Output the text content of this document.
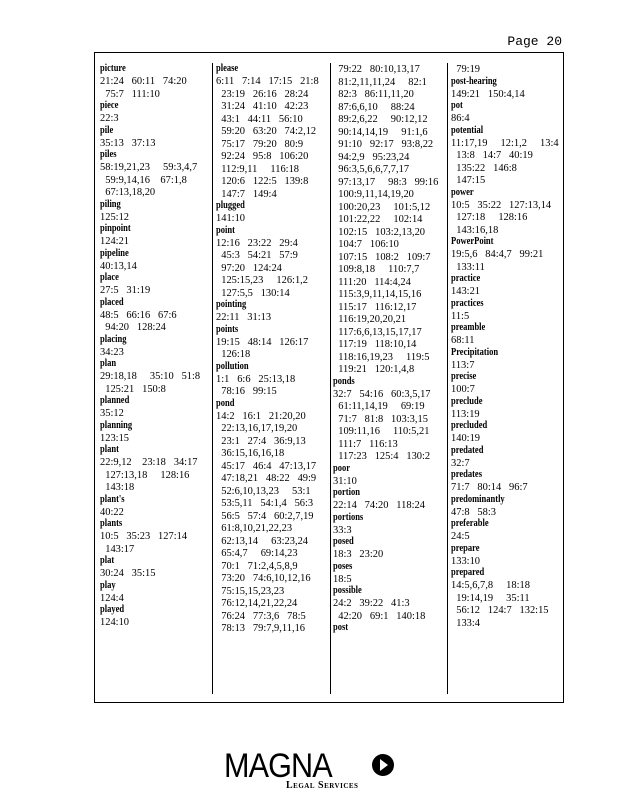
Page 20
picture
21:24   60:11   74:20
75:7   111:10
piece
22:3
pile
35:13   37:13
piles
58:19,21,23     59:3,4,7
59:9,14,16    67:1,8
67:13,18,20
piling
125:12
pinpoint
124:21
pipeline
40:13,14
place
27:5   31:19
placed
48:5   66:16   67:6
94:20   128:24
placing
34:23
plan
29:18,18     35:10   51:8
125:21   150:8
planned
35:12
planning
123:15
plant
22:9,12    23:18   34:17
127:13,18     128:16
143:18
plant's
40:22
plants
10:5   35:23   127:14
143:17
plat
30:24   35:15
play
124:4
played
124:10
please
6:11   7:14   17:15   21:8
23:19   26:16   28:24
31:24   41:10   42:23
43:1   44:11   56:10
59:20   63:20   74:2,12
75:17   79:20   80:9
92:24   95:8   106:20
112:9,11     116:18
120:6   122:5   139:8
147:7   149:4
plugged
141:10
point
12:16   23:22   29:4
45:3   54:21   57:9
97:20   124:24
125:15,23     126:1,2
127:5,5   130:14
pointing
22:11   31:13
points
19:15   48:14   126:17
126:18
pollution
1:1   6:6   25:13,18
78:16   99:15
pond
14:2   16:1   21:20,20
22:13,16,17,19,20
23:1   27:4   36:9,13
36:15,16,16,18
45:17   46:4   47:13,17
47:18,21   48:22   49:9
52:6,10,13,23     53:1
53:5,11   54:1,4   56:3
56:5   57:4   60:2,7,19
61:8,10,21,22,23
62:13,14     63:23,24
65:4,7     69:14,23
70:1   71:2,4,5,8,9
73:20   74:6,10,12,16
75:15,15,23,23
76:12,14,21,22,24
76:24   77:3,6   78:5
78:13   79:7,9,11,16
79:22   80:10,13,17
81:2,11,11,24     82:1
82:3   86:11,11,20
87:6,6,10     88:24
89:2,6,22     90:12,12
90:14,14,19     91:1,6
91:10   92:17   93:8,22
94:2,9   95:23,24
96:3,5,6,6,7,7,17
97:13,17     98:3   99:16
100:9,11,14,19,20
100:20,23     101:5,12
101:22,22     102:14
102:15   103:2,13,20
104:7   106:10
107:15   108:2   109:7
109:8,18     110:7,7
111:20   114:4,24
115:3,9,11,14,15,16
115:17   116:12,17
116:19,20,20,21
117:6,6,13,15,17,17
117:19   118:10,14
118:16,19,23     119:5
119:21   120:1,4,8
ponds
32:7   54:16   60:3,5,17
61:11,14,19     69:19
71:7   81:8   103:3,15
109:11,16     110:5,21
111:7   116:13
117:23   125:4   130:2
poor
31:10
portion
22:14   74:20   118:24
portions
33:3
posed
18:3   23:20
poses
18:5
possible
24:2   39:22   41:3
42:20   69:1   140:18
post
79:19
post-hearing
149:21   150:4,14
pot
86:4
potential
11:17,19     12:1,2     13:4
13:8   14:7   40:19
135:22   146:8
147:15
power
10:5   35:22   127:13,14
127:18     128:16
143:16,18
PowerPoint
19:5,6   84:4,7   99:21
133:11
practice
143:21
practices
11:5
preamble
68:11
Precipitation
113:7
precise
100:7
preclude
113:19
precluded
140:19
predated
32:7
predates
71:7   80:14   96:7
predominantly
47:8   58:3
preferable
24:5
prepare
133:10
prepared
14:5,6,7,8     18:18
19:14,19     35:11
56:12   124:7   132:15
133:4
MAGNA
Legal Services
